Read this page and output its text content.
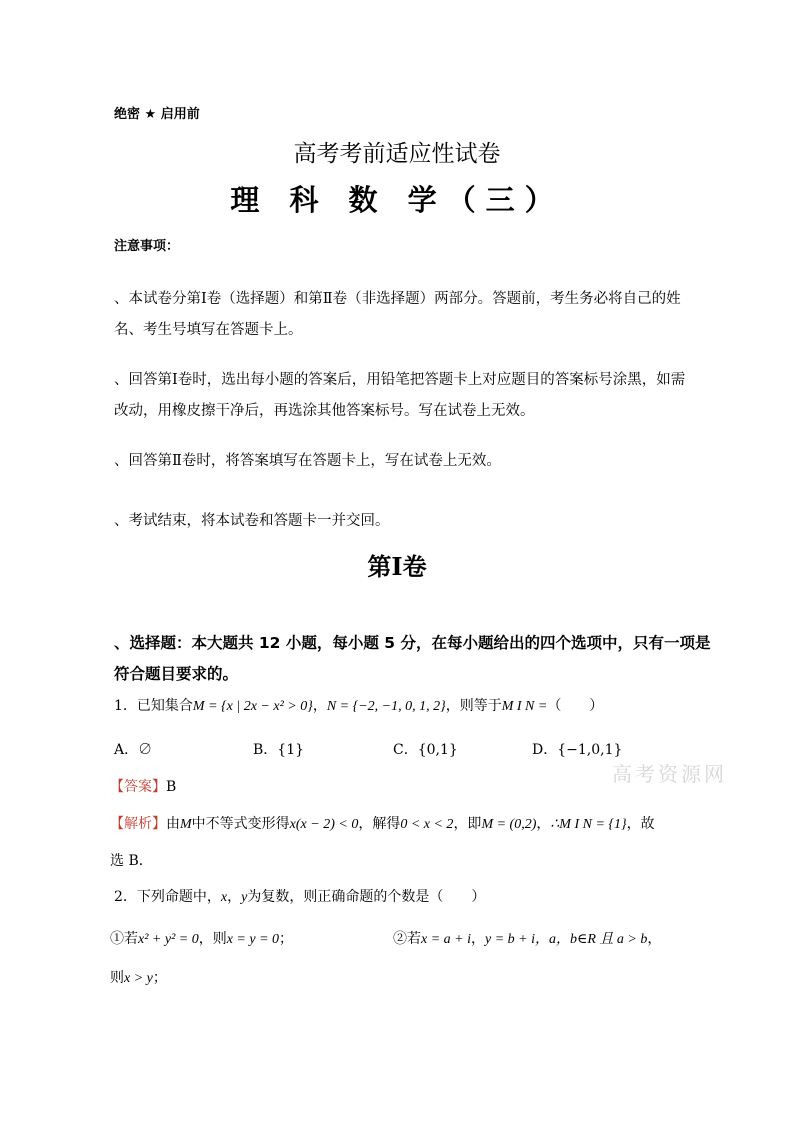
绝密 ★ 启用前
高考考前适应性试卷
理 科 数 学（三）
注意事项：
、本试卷分第Ⅰ卷（选择题）和第Ⅱ卷（非选择题）两部分。答题前，考生务必将自己的姓名、考生号填写在答题卡上。
、回答第Ⅰ卷时，选出每小题的答案后，用铅笔把答题卡上对应题目的答案标号涂黑，如需改动，用橡皮擦干净后，再选涂其他答案标号。写在试卷上无效。
、回答第Ⅱ卷时，将答案填写在答题卡上，写在试卷上无效。
、考试结束，将本试卷和答题卡一并交回。
第Ⅰ卷
、选择题：本大题共 12 小题，每小题 5 分，在每小题给出的四个选项中，只有一项是符合题目要求的。
1．已知集合M = {x | 2x − x² > 0}，N = {−2, −1, 0, 1, 2}，则等于M I N =（　　）
A．∅	B．{1}	C．{0,1}	D．{−1,0,1}
高考资源网
【答案】B
【解析】由M中不等式变形得x(x − 2) < 0，解得0 < x < 2，即M = (0,2)，∴M I N = {1}，故
选 B．
2．下列命题中，x，y为复数，则正确命题的个数是（　　）
①若x² + y² = 0，则x = y = 0；	②若x = a + i，y = b + i，a，b∈R 且 a > b，
则x > y；
